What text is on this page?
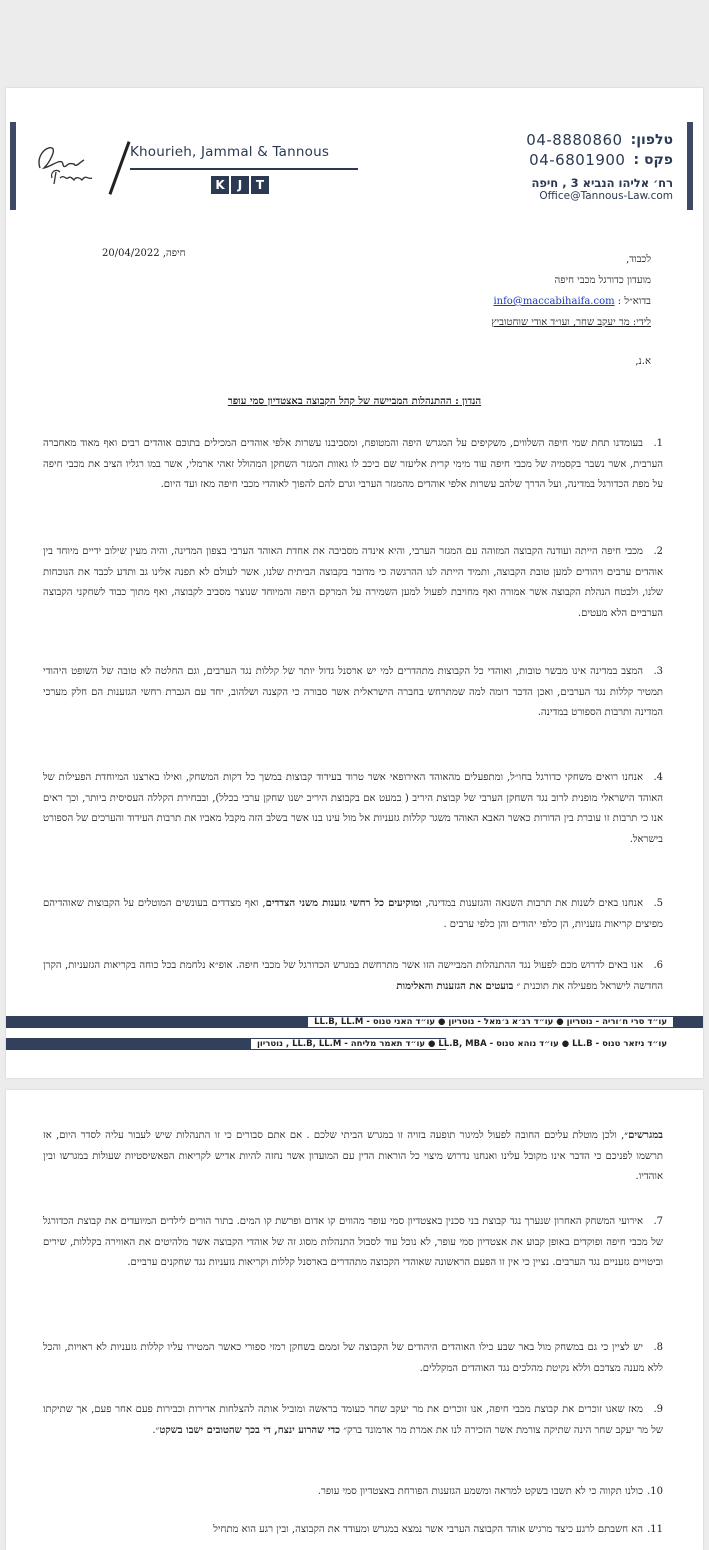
Khourieh, Jammal & Tannous
K	J	T
טלפון:
04-8880860
פקס :
04-6801900
רח׳ אליהו הנביא 3 , חיפה
Office@Tannous-Law.com
חיפה, 20/04/2022
לכבוד,
מועדון כדורגל מכבי חיפה
בדוא״ל : info@maccabihaifa.com
לידי: מר יעקב שחר, ועו״ד אודי שוחטוביץ
א.נ,
הנדון : ההתנהלות המביישה של קהל הקבוצה באצטדיון סמי עופר
1.בעומדנו תחת שמי חיפה השלווים, משקיפים על המגרש היפה והמטופח, ומסביבנו עשרות אלפי אוהדים המכילים בתוכם אוהדים רבים ואף מאוד מאחברה הערבית, אשר נשבר בקסמיה של מכבי חיפה עוד מימי קרית אליעזר שם כיכב לו גאוות המגזר השחקן המהולל זאהי ארמלי, אשר במו רגליו הציב את מכבי חיפה על מפת הכדורגל במדינה, ועל הדרך שלהב עשרות אלפי אוהדים מהמגזר הערבי וגרם להם להפוך לאוהדי מכבי חיפה מאז ועד היום.
2.מכבי חיפה הייתה ועודנה הקבוצה המזוהה עם המגזר הערבי, והיא אינדה מסביבה את אחדת האוהד הערבי בצפון המדינה, והיה מעין שילוב ידיים מיוחד בין אוהדים ערבים ויהודים למען טובת הקבוצה, ותמיד הייתה לנו ההרגשה כי מדובר בקבוצה הביתית שלנו, אשר לעולם לא תפנה אלינו גב ותדע לכבד את הנוכחות שלנו, ולבטח הנהלת הקבוצה אשר אמורה ואף מחויבת לפעול למען השמירה על המרקם היפה והמיוחד שנוצר מסביב לקבוצה, ואף מתוך כבוד לשחקני הקבוצה הערביים הלא מעטים.
3.המצב במדינה אינו מבשר טובות, ואוהדי כל הקבוצות מתהדרים למי יש ארסנל גדול יותר של קללות נגד הערבים, וגם החלטה לא טובה של השופט היהודי תמטיר קללות נגד הערבים, ואכן הדבר דומה למה שמתרחש בחברה הישראלית אשר סבורה כי הקצנה ושלהוב, יחד עם הגברת רחשי הגזענות הם חלק מערכי המדינה ותרבות הספורט במדינה.
4.אנחנו רואים משחקי כדורגל בחו״ל, ומתפעלים מהאוהד האירופאי אשר טרוד בעידוד קבוצות במשך כל דקות המשחק, ואילו בארצנו המיוחדת הפעילות של האוהד הישראלי מופנית לרוב נגד השחקן הערבי של קבוצת היריב ( במעט אם בקבוצת היריב ישנו שחקן ערבי בכלל), ובבחירת הקללה העסיסית ביותר, וכך ראים אנו כי תרבות זו עוברת בין הדורות כאשר האבא האוהד משגר קללות גזעניות אל מול עינו בנו אשר בשלב הזה מקבל מאביו את תרבות העידוד והערכים של הספורט בישראל.
5.אנחנו באים לשנות את תרבות השנאה והגזענות במדינה, ומוקיעים כל רחשי גזענות משני הצדדים, ואף מצדדים בעונשים המוטלים על הקבוצות שאוהדיהם מפיצים קריאות גזעניות, הן כלפי יהודים והן כלפי ערבים .
6.אנו באים לדרוש מכם לפעול נגד ההתנהלות המביישה הזו אשר מתרחשת במגרש הכדורגל של מכבי חיפה. אופ״א נלחמת בכל כוחה בקריאות הגזעניות, הקרן החדשה לישראל מפעילה את תוכנית ״ בועטים את הגזענות והאלימות
עו״ד סרי ח׳וריה - נוטריון ● עו״ד רג׳א ג׳מאל - נוטריון ● עו״ד האני טנוס - LL.B, LL.M
עו״ד ניזאר טנוס - LL.B ● עו״ד נוהא טנוס - LL.B, MBA ● עו״ד תאמר מליחה - LL.B, LL.M , נוטריון
במגרשים״, ולכן מוטלת עליכם החובה לפעול למיגור תופעה בזויה זו במגרש הביתי שלכם . אם אתם סבורים כי זו התנהלות שיש לעבור עליה לסדר היום, אז תרשמו לפניכם כי הדבר אינו מקובל עלינו ואנחנו נדרוש מיצוי כל הוראות הדין עם המועדון אשר נחזה להיות אדיש לקריאות הפאשיסטיות שעולות במגרשו ובין אוהדיו.
7.אירועי המשחק האחרון שנערך נגד קבוצת בני סכנין באצטדיון סמי עופר מהווים קו אדום ופרשת קו המים. בתור הורים לילדים המיועדים את קבוצת הכדורגל של מכבי חיפה ופוקדים באופן קבוע את אצטדיון סמי עופר, לא נוכל עוד לסבול התנהלות מסוג זה של אוהדי הקבוצה אשר מלהיטים את האווירה בקללות, שירים וביטויים גזעניים נגד הערבים. נציין כי אין זו הפעם הראשונה שאוהדי הקבוצה מתהדרים בארסנל קללות וקריאות גזעניות נגד שחקנים ערביים.
8.יש לציין כי גם במשחק מול באר שבע כילו האוהדים היהודים של הקבוצה של זממם בשחקן רמזי ספורי כאשר המטירו עליו קללות גזעניות לא ראויות, והכל ללא מענה מצדכם וללא נקיטת מהלכים נגד האוהדים המקללים.
9.מאז שאנו זוכרים את קבוצת מכבי חיפה, אנו זוכרים את מר יעקב שחר כעומד בראשה ומוביל אותה להצלחות אדירות וכבירות פעם אחר פעם, אך שתיקתו של מר יעקב שחר הינה שתיקה צורמת אשר הזכירה לנו את אמרת מר אדמונד ברק״ כדי שהרוע ינצח, די בכך שהטובים ישבו בשקט״.
10.כולנו תקווה כי לא תשבו בשקט למראה ומשמע הגזענות הפורחת באצטדיון סמי עופר.
11.הא חשבתם לרגע כיצד מרגיש אוהד הקבוצה הערבי אשר נמצא במגרש ומעודד את הקבוצה, ובין רגע הוא מתחיל
